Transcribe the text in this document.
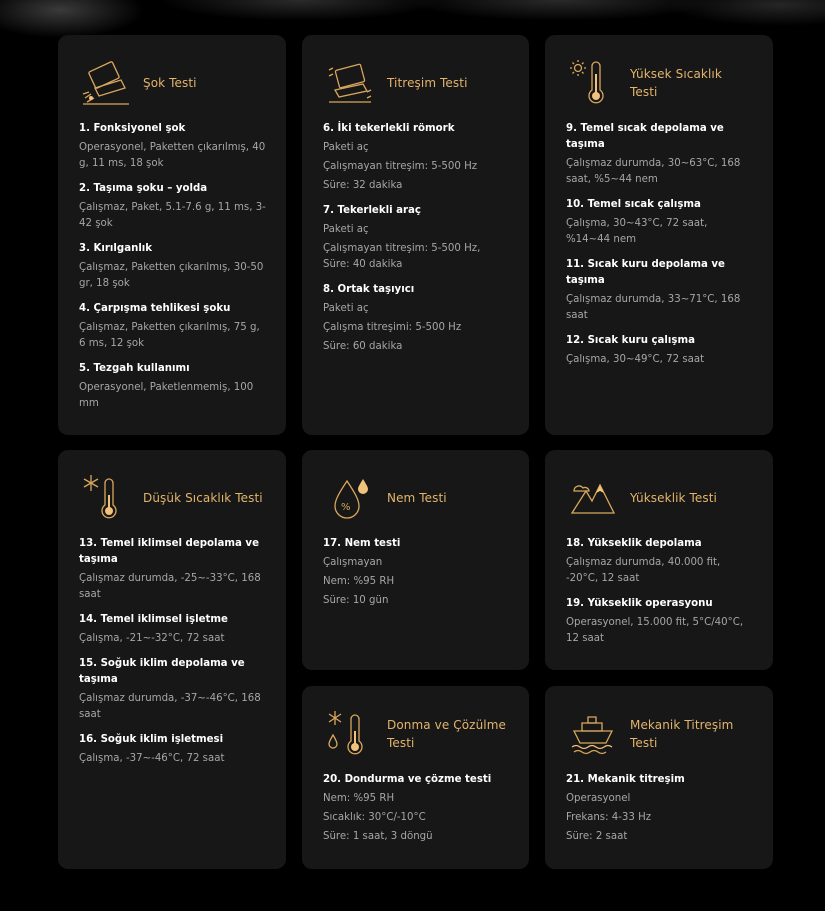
Şok Testi
1. Fonksiyonel şok
Operasyonel, Paketten çıkarılmış, 40 g, 11 ms, 18 şok
2. Taşıma şoku – yolda
Çalışmaz, Paket, 5.1-7.6 g, 11 ms, 3-42 şok
3. Kırılganlık
Çalışmaz, Paketten çıkarılmış, 30-50 gr, 18 şok
4. Çarpışma tehlikesi şoku
Çalışmaz, Paketten çıkarılmış, 75 g, 6 ms, 12 şok
5. Tezgah kullanımı
Operasyonel, Paketlenmemiş, 100 mm
Titreşim Testi
6. İki tekerlekli römork
Paketi aç
Çalışmayan titreşim: 5-500 Hz
Süre: 32 dakika
7. Tekerlekli araç
Paketi aç
Çalışmayan titreşim: 5-500 Hz, Süre: 40 dakika
8. Ortak taşıyıcı
Paketi aç
Çalışma titreşimi: 5-500 Hz
Süre: 60 dakika
Yüksek Sıcaklık Testi
9. Temel sıcak depolama ve taşıma
Çalışmaz durumda, 30~63°C, 168 saat, %5~44 nem
10. Temel sıcak çalışma
Çalışma, 30~43°C, 72 saat, %14~44 nem
11. Sıcak kuru depolama ve taşıma
Çalışmaz durumda, 33~71°C, 168 saat
12. Sıcak kuru çalışma
Çalışma, 30~49°C, 72 saat
Düşük Sıcaklık Testi
13. Temel iklimsel depolama ve taşıma
Çalışmaz durumda, -25~-33°C, 168 saat
14. Temel iklimsel işletme
Çalışma, -21~-32°C, 72 saat
15. Soğuk iklim depolama ve taşıma
Çalışmaz durumda, -37~-46°C, 168 saat
16. Soğuk iklim işletmesi
Çalışma, -37~-46°C, 72 saat
%
Nem Testi
17. Nem testi
Çalışmayan
Nem: %95 RH
Süre: 10 gün
Yükseklik Testi
18. Yükseklik depolama
Çalışmaz durumda, 40.000 fit, -20°C, 12 saat
19. Yükseklik operasyonu
Operasyonel, 15.000 fit, 5°C/40°C, 12 saat
Donma ve Çözülme Testi
20. Dondurma ve çözme testi
Nem: %95 RH
Sıcaklık: 30°C/-10°C
Süre: 1 saat, 3 döngü
Mekanik Titreşim Testi
21. Mekanik titreşim
Operasyonel
Frekans: 4-33 Hz
Süre: 2 saat
